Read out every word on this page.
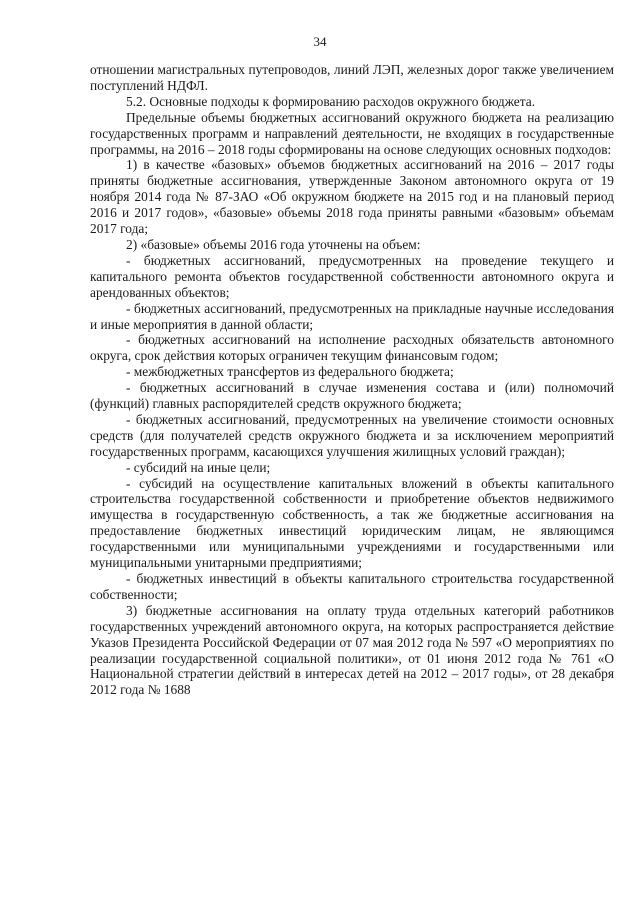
34

отношении магистральных путепроводов, линий ЛЭП, железных дорог также увеличением поступлений НДФЛ.

5.2. Основные подходы к формированию расходов окружного бюджета.

Предельные объемы бюджетных ассигнований окружного бюджета на реализацию государственных программ и направлений деятельности, не входящих в государственные программы, на 2016 – 2018 годы сформированы на основе следующих основных подходов:

1) в качестве «базовых» объемов бюджетных ассигнований на 2016 – 2017 годы приняты бюджетные ассигнования, утвержденные Законом автономного округа от 19 ноября 2014 года № 87-ЗАО «Об окружном бюджете на 2015 год и на плановый период 2016 и 2017 годов», «базовые» объемы 2018 года приняты равными «базовым» объемам 2017 года;

2) «базовые» объемы 2016 года уточнены на объем:

- бюджетных ассигнований, предусмотренных на проведение текущего и капитального ремонта объектов государственной собственности автономного округа и арендованных объектов;

- бюджетных ассигнований, предусмотренных на прикладные научные исследования и иные мероприятия в данной области;

- бюджетных ассигнований на исполнение расходных обязательств автономного округа, срок действия которых ограничен текущим финансовым годом;

- межбюджетных трансфертов из федерального бюджета;

- бюджетных ассигнований в случае изменения состава и (или) полномочий (функций) главных распорядителей средств окружного бюджета;

- бюджетных ассигнований, предусмотренных на увеличение стоимости основных средств (для получателей средств окружного бюджета и за исключением мероприятий государственных программ, касающихся улучшения жилищных условий граждан);

- субсидий на иные цели;

- субсидий на осуществление капитальных вложений в объекты капитального строительства государственной собственности и приобретение объектов недвижимого имущества в государственную собственность, а так же бюджетные ассигнования на предоставление бюджетных инвестиций юридическим лицам, не являющимся государственными или муниципальными учреждениями и государственными или муниципальными унитарными предприятиями;

- бюджетных инвестиций в объекты капитального строительства государственной собственности;

3) бюджетные ассигнования на оплату труда отдельных категорий работников государственных учреждений автономного округа, на которых распространяется действие Указов Президента Российской Федерации от 07 мая 2012 года № 597 «О мероприятиях по реализации государственной социальной политики», от 01 июня 2012 года № 761 «О Национальной стратегии действий в интересах детей на 2012 – 2017 годы», от 28 декабря 2012 года № 1688
